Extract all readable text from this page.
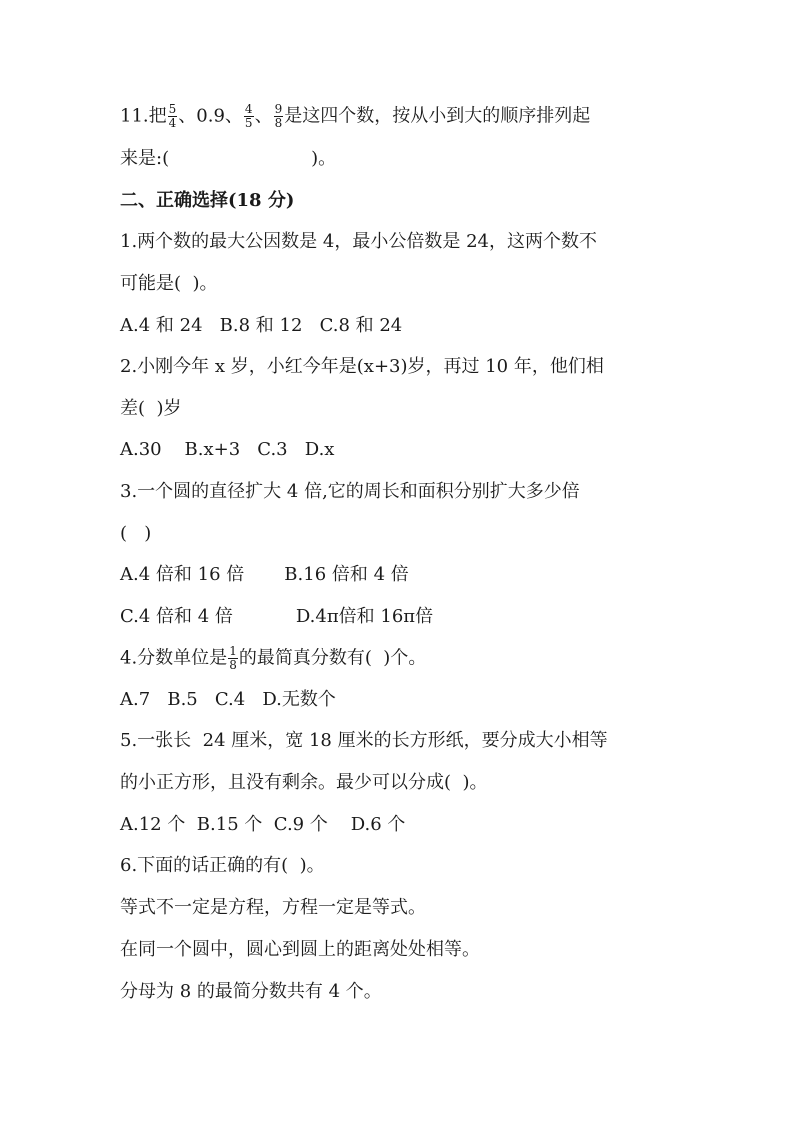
11.把 $\frac{5}{4}$ 、0.9、 $\frac{4}{5}$ 、 $\frac{9}{8}$ 是这四个数，按从小到大的顺序排列起
来是:(	)。
二、正确选择(18 分)
1.两个数的最大公因数是 4，最小公倍数是 24，这两个数不
可能是(  )。
A.4 和 24   B.8 和 12   C.8 和 24
2.小刚今年 x 岁，小红今年是(x+3)岁，再过 10 年，他们相
差(  )岁
A.30    B.x+3   C.3   D.x
3.一个圆的直径扩大 4 倍,它的周长和面积分别扩大多少倍
(   )
A.4 倍和 16 倍       B.16 倍和 4 倍
C.4 倍和 4 倍           D.4π倍和 16π倍
4.分数单位是 $\frac{1}{8}$ 的最简真分数有(  )个。
A.7   B.5   C.4   D.无数个
5.一张长  24 厘米，宽 18 厘米的长方形纸，要分成大小相等
的小正方形，且没有剩余。最少可以分成(  )。
A.12 个  B.15 个  C.9 个    D.6 个
6.下面的话正确的有(  )。
等式不一定是方程，方程一定是等式。
在同一个圆中，圆心到圆上的距离处处相等。
分母为 8 的最简分数共有 4 个。
